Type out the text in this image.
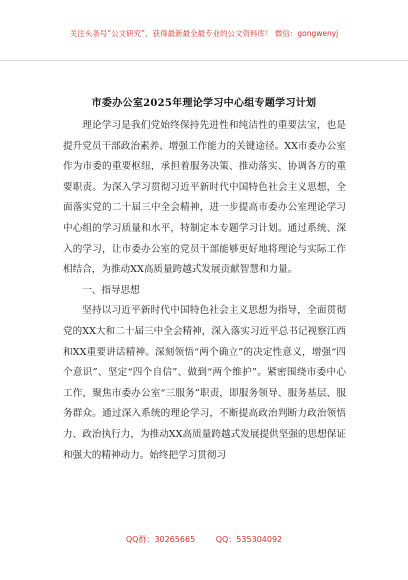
关注头条号“公文研究”，获得最新最全最专业的公文资料库！ 微信：gongwenyj
市委办公室2025年理论学习中心组专题学习计划

理论学习是我们党始终保持先进性和纯洁性的重要法宝，也是提升党员干部政治素养、增强工作能力的关键途径。XX市委办公室作为市委的重要枢纽，承担着服务决策、推动落实、协调各方的重要职责。为深入学习贯彻习近平新时代中国特色社会主义思想，全面落实党的二十届三中全会精神，进一步提高市委办公室理论学习中心组的学习质量和水平，特制定本专题学习计划。通过系统、深入的学习，让市委办公室的党员干部能够更好地将理论与实际工作相结合，为推动XX高质量跨越式发展贡献智慧和力量。

一、指导思想

坚持以习近平新时代中国特色社会主义思想为指导，全面贯彻党的XX大和二十届三中全会精神，深入落实习近平总书记视察江西和XX重要讲话精神。深刻领悟“两个确立”的决定性意义，增强“四个意识”、坚定“四个自信”、做到“两个维护”。紧密围绕市委中心工作，聚焦市委办公室“三服务”职责，即服务领导、服务基层、服务群众。通过深入系统的理论学习，不断提高政治判断力政治领悟力、政治执行力，为推动XX高质量跨越式发展提供坚强的思想保证和强大的精神动力。始终把学习贯彻习

QQ群：30265665	QQ：535304092
